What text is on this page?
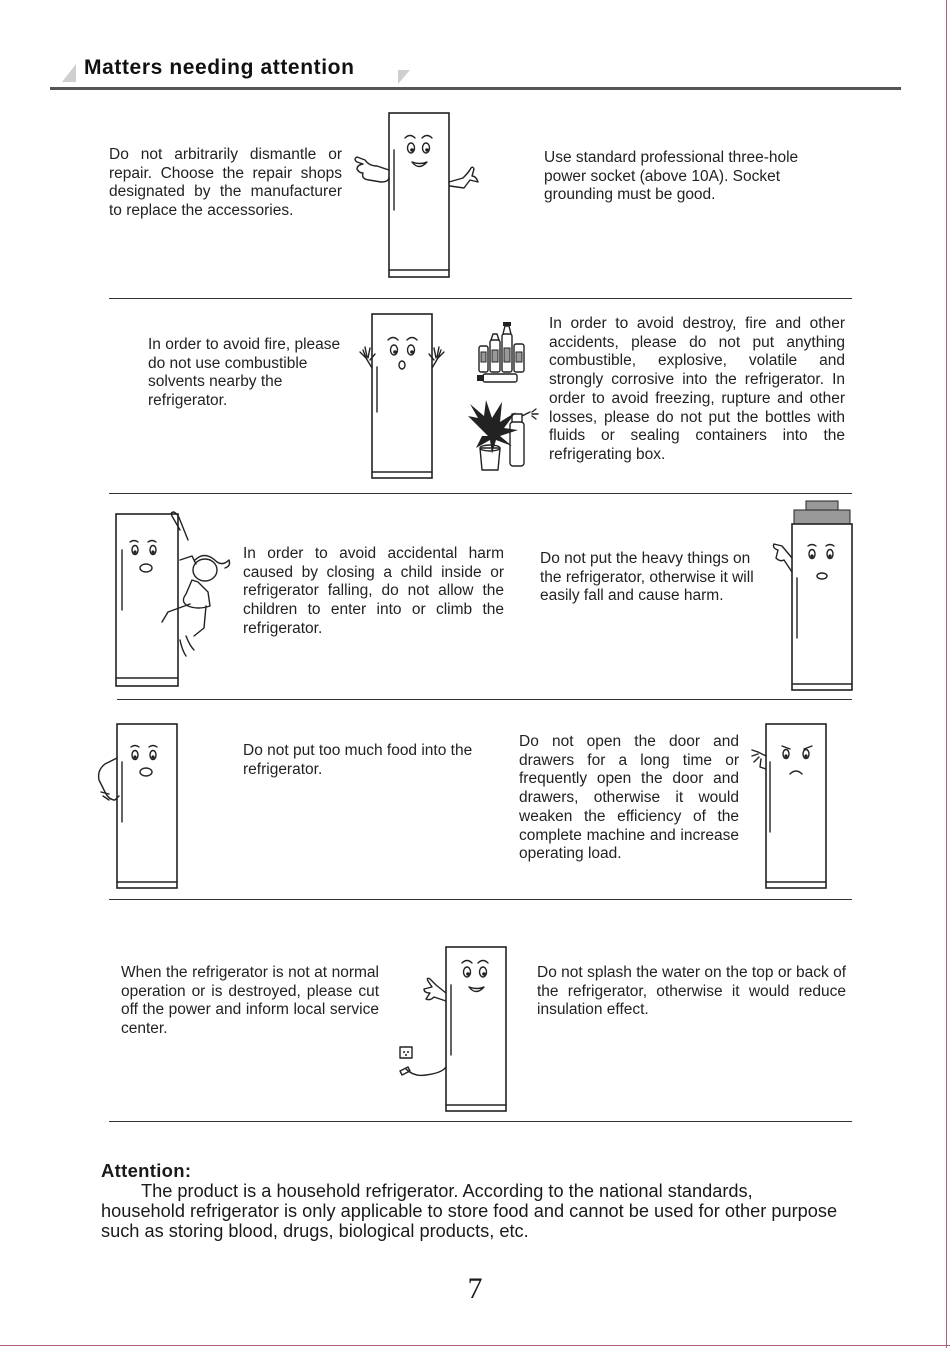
Matters needing attention
Do not arbitrarily dismantle or repair. Choose the repair shops designated by the manufacturer to replace the accessories.
Use standard professional three-hole power socket (above 10A). Socket grounding must be good.
In order to avoid fire, please do not use combustible solvents nearby the refrigerator.
In order to avoid destroy, fire and other accidents, please do not put anything combustible, explosive, volatile and strongly corrosive into the refrigerator. In order to avoid freezing, rupture and other losses, please do not put the bottles with fluids or sealing containers into the refrigerating box.
In order to avoid accidental harm caused by closing a child inside or refrigerator falling, do not allow the children to enter into or climb the refrigerator.
Do not put the heavy things on the refrigerator, otherwise it will easily fall and cause harm.
Do not put too much food into the refrigerator.
Do not open the door and drawers for a long time or frequently open the door and drawers, otherwise it would weaken the efficiency of the complete machine and increase operating load.
When the refrigerator is not at normal operation or is destroyed, please cut off the power and inform local service center.
Do not splash the water on the top or back of the refrigerator, otherwise it would reduce insulation effect.
Attention:
The product is a household refrigerator. According to the national standards, household refrigerator is only applicable to store food and cannot be used for other purpose such as storing blood, drugs, biological products, etc.
7
